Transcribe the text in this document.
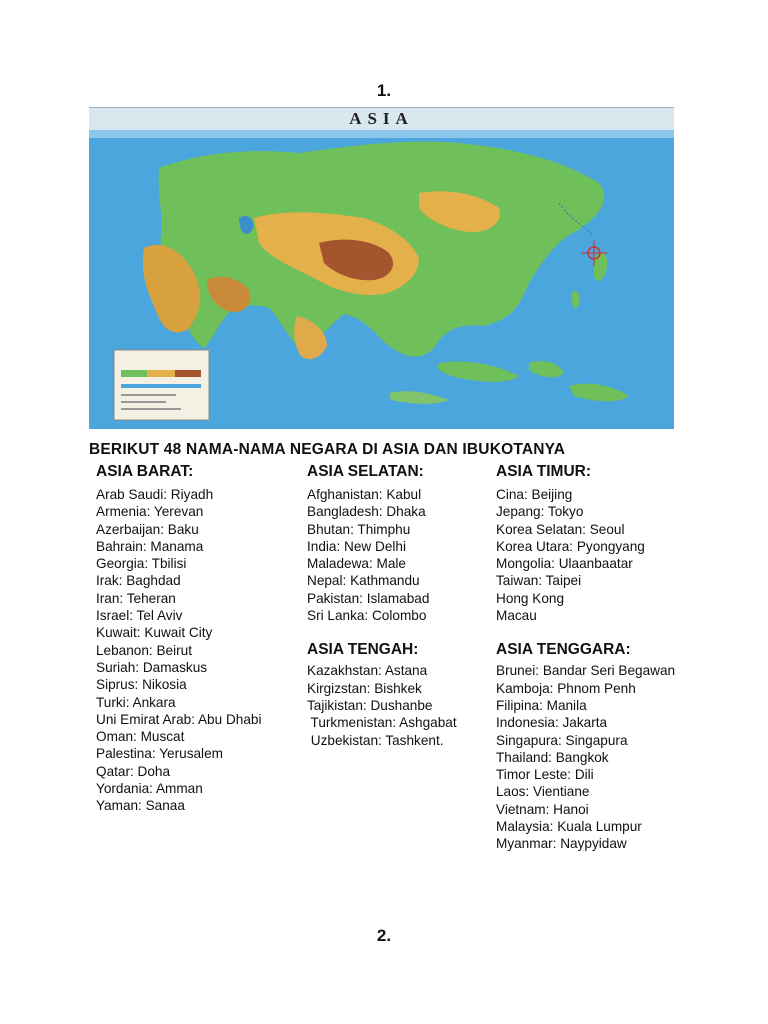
1.
ASIA
BERIKUT 48 NAMA-NAMA NEGARA DI ASIA DAN IBUKOTANYA
ASIA BARAT:
Arab Saudi: Riyadh
Armenia: Yerevan
Azerbaijan: Baku
Bahrain: Manama
Georgia: Tbilisi
Irak: Baghdad
Iran: Teheran
Israel: Tel Aviv
Kuwait: Kuwait City
Lebanon: Beirut
Suriah: Damaskus
Siprus: Nikosia
Turki: Ankara
Uni Emirat Arab: Abu Dhabi
Oman: Muscat
Palestina: Yerusalem
Qatar: Doha
Yordania: Amman
Yaman: Sanaa
ASIA SELATAN:
Afghanistan: Kabul
Bangladesh: Dhaka
Bhutan: Thimphu
India: New Delhi
Maladewa: Male
Nepal: Kathmandu
Pakistan: Islamabad
Sri Lanka: Colombo
ASIA TENGAH:
Kazakhstan: Astana
Kirgizstan: Bishkek
Tajikistan: Dushanbe
Turkmenistan: Ashgabat
Uzbekistan: Tashkent.
ASIA TIMUR:
Cina: Beijing
Jepang: Tokyo
Korea Selatan: Seoul
Korea Utara: Pyongyang
Mongolia: Ulaanbaatar
Taiwan: Taipei
Hong Kong
Macau
ASIA TENGGARA:
Brunei: Bandar Seri Begawan
Kamboja: Phnom Penh
Filipina: Manila
Indonesia: Jakarta
Singapura: Singapura
Thailand: Bangkok
Timor Leste: Dili
Laos: Vientiane
Vietnam: Hanoi
Malaysia: Kuala Lumpur
Myanmar: Naypyidaw
2.
